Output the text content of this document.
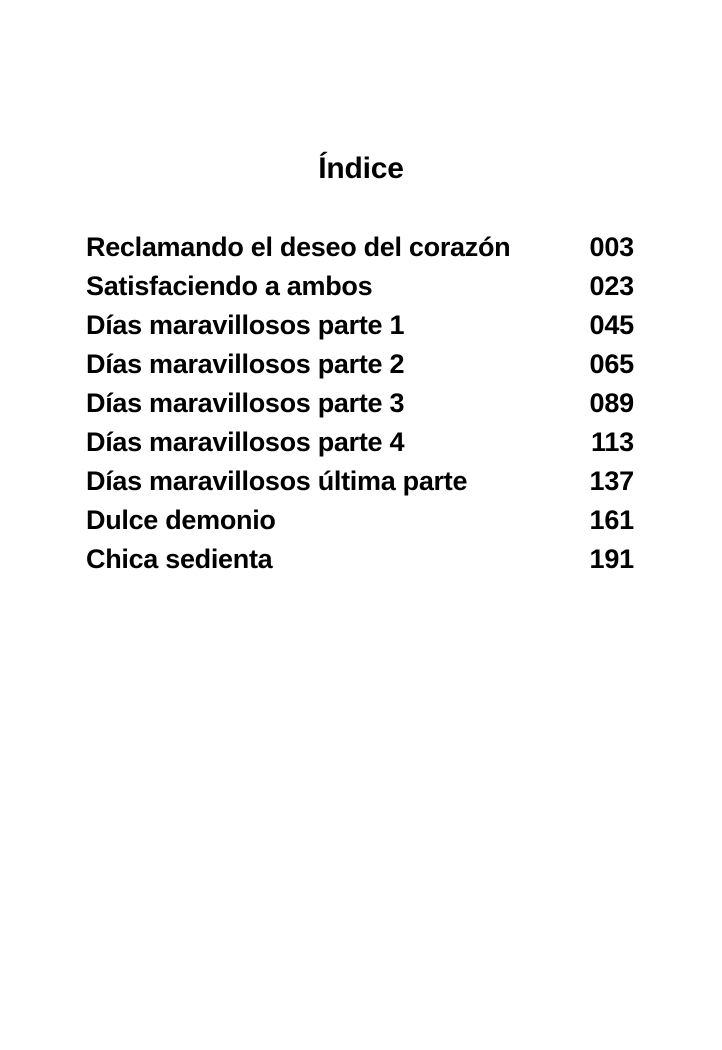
Índice
Reclamando el deseo del corazón	003
Satisfaciendo a ambos	023
Días maravillosos parte 1	045
Días maravillosos parte 2	065
Días maravillosos parte 3	089
Días maravillosos parte 4	113
Días maravillosos última parte	137
Dulce demonio	161
Chica sedienta	191
